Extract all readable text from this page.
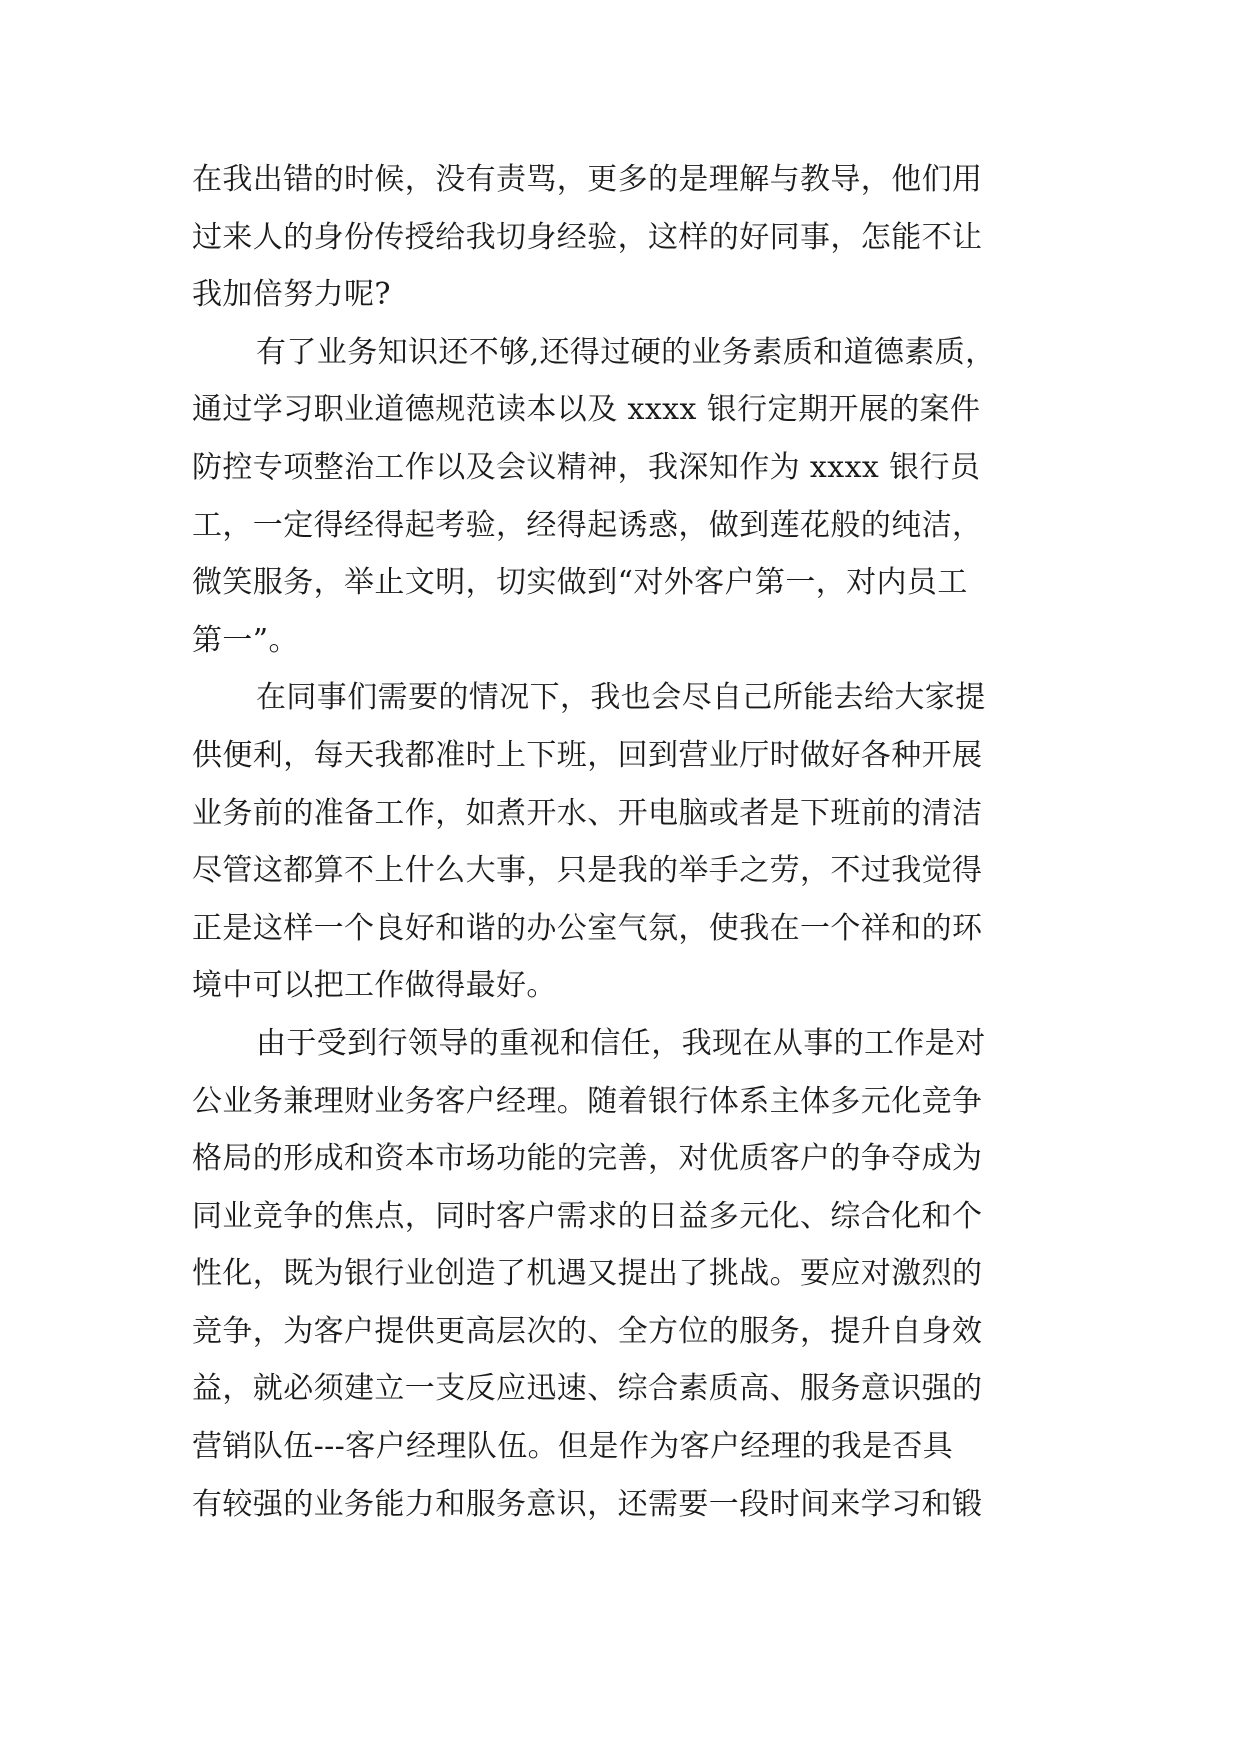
在我出错的时候，没有责骂，更多的是理解与教导，他们用
过来人的身份传授给我切身经验，这样的好同事，怎能不让
我加倍努力呢?
有了业务知识还不够,还得过硬的业务素质和道德素质，
通过学习职业道德规范读本以及 xxxx 银行定期开展的案件
防控专项整治工作以及会议精神，我深知作为 xxxx 银行员
工，一定得经得起考验，经得起诱惑，做到莲花般的纯洁，
微笑服务，举止文明，切实做到“对外客户第一，对内员工
第一”。
在同事们需要的情况下，我也会尽自己所能去给大家提
供便利，每天我都准时上下班，回到营业厅时做好各种开展
业务前的准备工作，如煮开水、开电脑或者是下班前的清洁
尽管这都算不上什么大事，只是我的举手之劳，不过我觉得
正是这样一个良好和谐的办公室气氛，使我在一个祥和的环
境中可以把工作做得最好。
由于受到行领导的重视和信任，我现在从事的工作是对
公业务兼理财业务客户经理。随着银行体系主体多元化竞争
格局的形成和资本市场功能的完善，对优质客户的争夺成为
同业竞争的焦点，同时客户需求的日益多元化、综合化和个
性化，既为银行业创造了机遇又提出了挑战。要应对激烈的
竞争，为客户提供更高层次的、全方位的服务，提升自身效
益，就必须建立一支反应迅速、综合素质高、服务意识强的
营销队伍---客户经理队伍。但是作为客户经理的我是否具
有较强的业务能力和服务意识，还需要一段时间来学习和锻
